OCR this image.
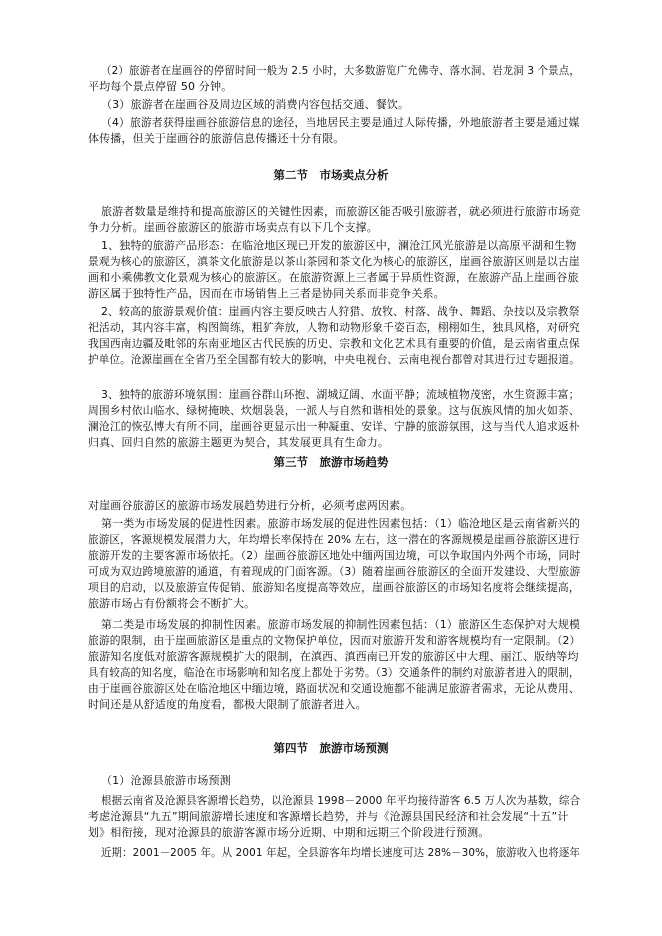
（2）旅游者在崖画谷的停留时间一般为 2.5 小时，大多数游览广允佛寺、落水洞、岩龙洞 3 个景点，

平均每个景点停留 50 分钟。

（3）旅游者在崖画谷及周边区域的消费内容包括交通、餐饮。

（4）旅游者获得崖画谷旅游信息的途径，当地居民主要是通过人际传播，外地旅游者主要是通过媒

体传播，但关于崖画谷的旅游信息传播还十分有限。

第二节　市场卖点分析

旅游者数量是维持和提高旅游区的关键性因素，而旅游区能否吸引旅游者，就必须进行旅游市场竞

争力分析。崖画谷旅游区的旅游市场卖点有以下几个支撑。

1、独特的旅游产品形态：在临沧地区现已开发的旅游区中，澜沧江风光旅游是以高原平湖和生物

景观为核心的旅游区，滇茶文化旅游是以茶山茶园和茶文化为核心的旅游区，崖画谷旅游区则是以古崖

画和小乘佛教文化景观为核心的旅游区。在旅游资源上三者属于异质性资源，在旅游产品上崖画谷旅

游区属于独特性产品，因而在市场销售上三者是协同关系而非竞争关系。

2、较高的旅游景观价值：崖画内容主要反映古人狩猎、放牧、村落、战争、舞蹈、杂技以及宗教祭

祀活动，其内容丰富，构图简练，粗犷奔放，人物和动物形象千姿百态，栩栩如生，独具风格，对研究

我国西南边疆及毗邻的东南亚地区古代民族的历史、宗教和文化艺术具有重要的价值，是云南省重点保

护单位。沧源崖画在全省乃至全国都有较大的影响，中央电视台、云南电视台都曾对其进行过专题报道。

3、独特的旅游环境氛围：崖画谷群山环抱、湖城辽阔、水面平静；流域植物茂密，水生资源丰富；

周围乡村依山临水、绿树掩映、炊烟袅袅，一派人与自然和谐相处的景象。这与佤族风情的加火如荼、

澜沧江的恢弘博大有所不同，崖画谷更显示出一种凝重、安详、宁静的旅游氛围，这与当代人追求返朴

归真、回归自然的旅游主题更为契合，其发展更具有生命力。

第三节　旅游市场趋势

对崖画谷旅游区的旅游市场发展趋势进行分析，必须考虑两因素。

第一类为市场发展的促进性因素。旅游市场发展的促进性因素包括：（1）临沧地区是云南省新兴的

旅游区，客源规模发展潜力大，年均增长率保持在 20% 左右，这一潜在的客源规模是崖画谷旅游区进行

旅游开发的主要客源市场依托。（2）崖画谷旅游区地处中缅两国边境，可以争取国内外两个市场，同时

可成为双边跨境旅游的通道，有着现成的门面客源。（3）随着崖画谷旅游区的全面开发建设、大型旅游

项目的启动，以及旅游宣传促销、旅游知名度提高等效应，崖画谷旅游区的市场知名度将会继续提高，

旅游市场占有份额将会不断扩大。

第二类是市场发展的抑制性因素。旅游市场发展的抑制性因素包括：（1）旅游区生态保护对大规模

旅游的限制，由于崖画旅游区是重点的文物保护单位，因而对旅游开发和游客规模均有一定限制。（2）

旅游知名度低对旅游客源规模扩大的限制，在滇西、滇西南已开发的旅游区中大理、丽江、版纳等均

具有较高的知名度，临沧在市场影响和知名度上都处于劣势。（3）交通条件的制约对旅游者进入的限制，

由于崖画谷旅游区处在临沧地区中缅边境，路面状况和交通设施都不能满足旅游者需求，无论从费用、

时间还是从舒适度的角度看，都极大限制了旅游者进入。

第四节　旅游市场预测

（1）沧源县旅游市场预测

根据云南省及沧源县客源增长趋势，以沧源县 1998－2000 年平均接待游客 6.5 万人次为基数，综合

考虑沧源县“九五”期间旅游增长速度和客源增长趋势，并与《沧源县国民经济和社会发展“十五”计

划》相衔接，现对沧源县的旅游客源市场分近期、中期和远期三个阶段进行预测。

近期：2001－2005 年。从 2001 年起，全县游客年均增长速度可达 28%－30%，旅游收入也将逐年
